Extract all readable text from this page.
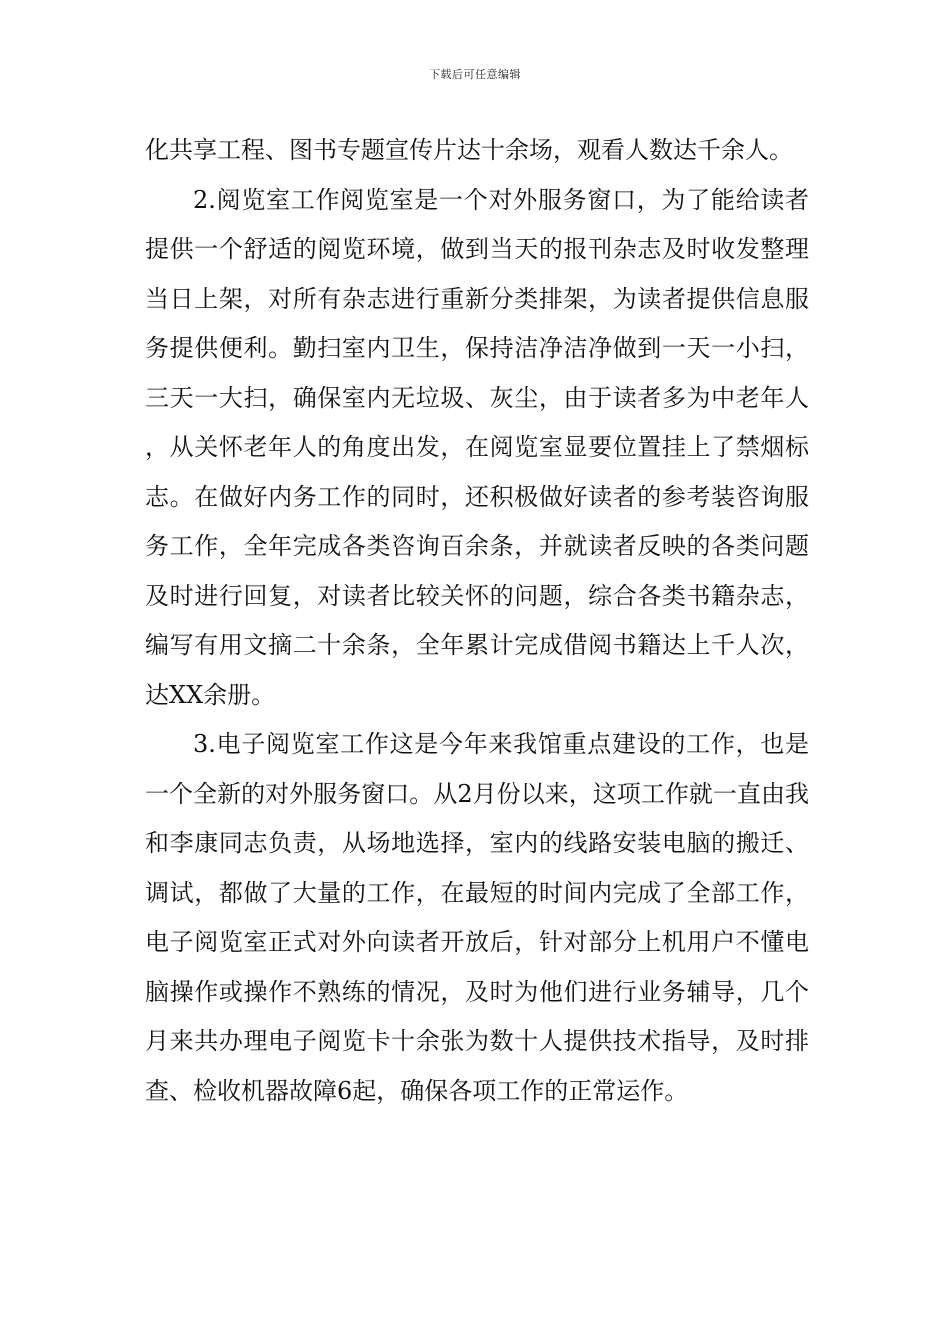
下载后可任意编辑

化共享工程、图书专题宣传片达十余场，观看人数达千余人。

2.阅览室工作阅览室是一个对外服务窗口，为了能给读者提供一个舒适的阅览环境，做到当天的报刊杂志及时收发整理当日上架，对所有杂志进行重新分类排架，为读者提供信息服务提供便利。勤扫室内卫生，保持洁净洁净做到一天一小扫，三天一大扫，确保室内无垃圾、灰尘，由于读者多为中老年人，从关怀老年人的角度出发，在阅览室显要位置挂上了禁烟标志。在做好内务工作的同时，还积极做好读者的参考装咨询服务工作，全年完成各类咨询百余条，并就读者反映的各类问题及时进行回复，对读者比较关怀的问题，综合各类书籍杂志，编写有用文摘二十余条，全年累计完成借阅书籍达上千人次，达XX余册。

3.电子阅览室工作这是今年来我馆重点建设的工作，也是一个全新的对外服务窗口。从2月份以来，这项工作就一直由我和李康同志负责，从场地选择，室内的线路安装电脑的搬迁、调试，都做了大量的工作，在最短的时间内完成了全部工作，电子阅览室正式对外向读者开放后，针对部分上机用户不懂电脑操作或操作不熟练的情况，及时为他们进行业务辅导，几个月来共办理电子阅览卡十余张为数十人提供技术指导，及时排查、检收机器故障6起，确保各项工作的正常运作。
